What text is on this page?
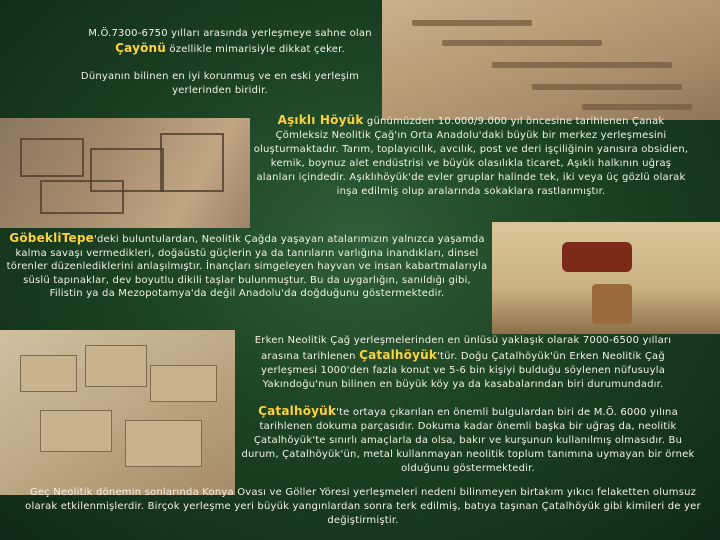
M.Ö.7300-6750 yılları arasında yerleşmeye sahne olan
Çayönü özellikle mimarisiyle dikkat çeker.
Dünyanın bilinen en iyi korunmuş ve en eski yerleşim yerlerinden biridir.
Aşıklı Höyük günümüzden 10.000/9.000 yıl öncesine tarihlenen Çanak Çömleksiz Neolitik Çağ'ın Orta Anadolu'daki büyük bir merkez yerleşmesini oluşturmaktadır. Tarım, toplayıcılık, avcılık, post ve deri işçiliğinin yanısıra obsidien, kemik, boynuz alet endüstrisi ve büyük olasılıkla ticaret, Aşıklı halkının uğraş alanları içindedir. Aşıklıhöyük'de evler gruplar halinde tek, iki veya üç gözlü olarak inşa edilmiş olup aralarında sokaklara rastlanmıştır.
GöbekliTepe'deki buluntulardan, Neolitik Çağda yaşayan atalarımızın yalnızca yaşamda kalma savaşı vermedikleri, doğaüstü güçlerin ya da tanrıların varlığına inandıkları, dinsel törenler düzenlediklerini anlaşılmıştır. İnançları simgeleyen hayvan ve insan kabartmalarıyla süslü tapınaklar, dev boyutlu dikili taşlar bulunmuştur. Bu da uygarlığın, sanıldığı gibi, Filistin ya da Mezopotamya'da değil Anadolu'da doğduğunu göstermektedir.
Erken Neolitik Çağ yerleşmelerinden en ünlüsü yaklaşık olarak 7000-6500 yılları arasına tarihlenen Çatalhöyük'tür. Doğu Çatalhöyük'ün Erken Neolitik Çağ yerleşmesi 1000'den fazla konut ve 5-6 bin kişiyi bulduğu söylenen nüfusuyla Yakındoğu'nun bilinen en büyük köy ya da kasabalarından biri durumundadır.
Çatalhöyük'te ortaya çıkarılan en önemli bulgulardan biri de M.Ö. 6000 yılına tarihlenen dokuma parçasıdır. Dokuma kadar önemli başka bir uğraş da, neolitik Çatalhöyük'te sınırlı amaçlarla da olsa, bakır ve kurşunun kullanılmış olmasıdır. Bu durum, Çatalhöyük'ün, metal kullanmayan neolitik toplum tanımına uymayan bir örnek olduğunu göstermektedir.
Geç Neolitik dönemin sonlarında Konya Ovası ve Göller Yöresi yerleşmeleri nedeni bilinmeyen birtakım yıkıcı felaketten olumsuz olarak etkilenmişlerdir. Birçok yerleşme yeri büyük yangınlardan sonra terk edilmiş, batıya taşınan Çatalhöyük gibi kimileri de yer değiştirmiştir.
